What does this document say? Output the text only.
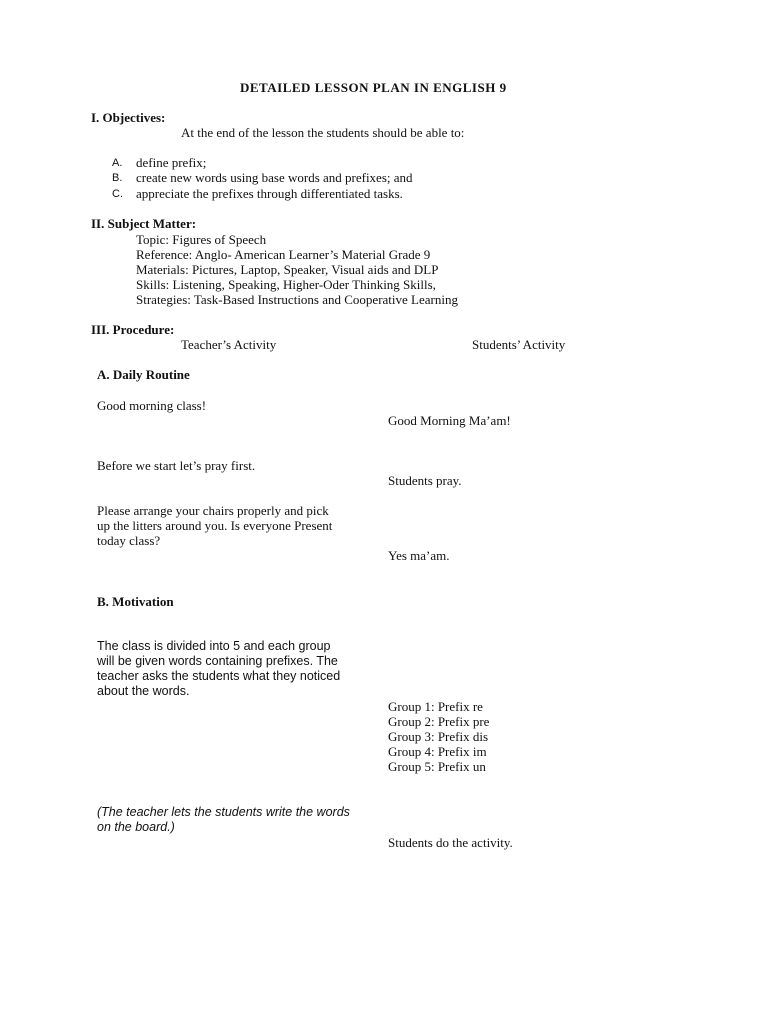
DETAILED LESSON PLAN IN ENGLISH 9
I. Objectives:
At the end of the lesson the students should be able to:
A. define prefix;
B. create new words using base words and prefixes; and
C. appreciate the prefixes through differentiated tasks.
II. Subject Matter:
Topic: Figures of Speech
Reference: Anglo- American Learner’s Material Grade 9
Materials: Pictures, Laptop, Speaker, Visual aids and DLP
Skills: Listening, Speaking, Higher-Oder Thinking Skills,
Strategies: Task-Based Instructions and Cooperative Learning
III. Procedure:
Teacher’s Activity	Students’ Activity
A. Daily Routine
Good morning class!
Good Morning Ma’am!
Before we start let’s pray first.
Students pray.
Please arrange your chairs properly and pick
up the litters around you. Is everyone Present
today class?
Yes ma’am.
B. Motivation
The class is divided into 5 and each group
will be given words containing prefixes. The
teacher asks the students what they noticed
about the words.
Group 1: Prefix re
Group 2: Prefix pre
Group 3: Prefix dis
Group 4: Prefix im
Group 5: Prefix un
(The teacher lets the students write the words
on the board.)
Students do the activity.
